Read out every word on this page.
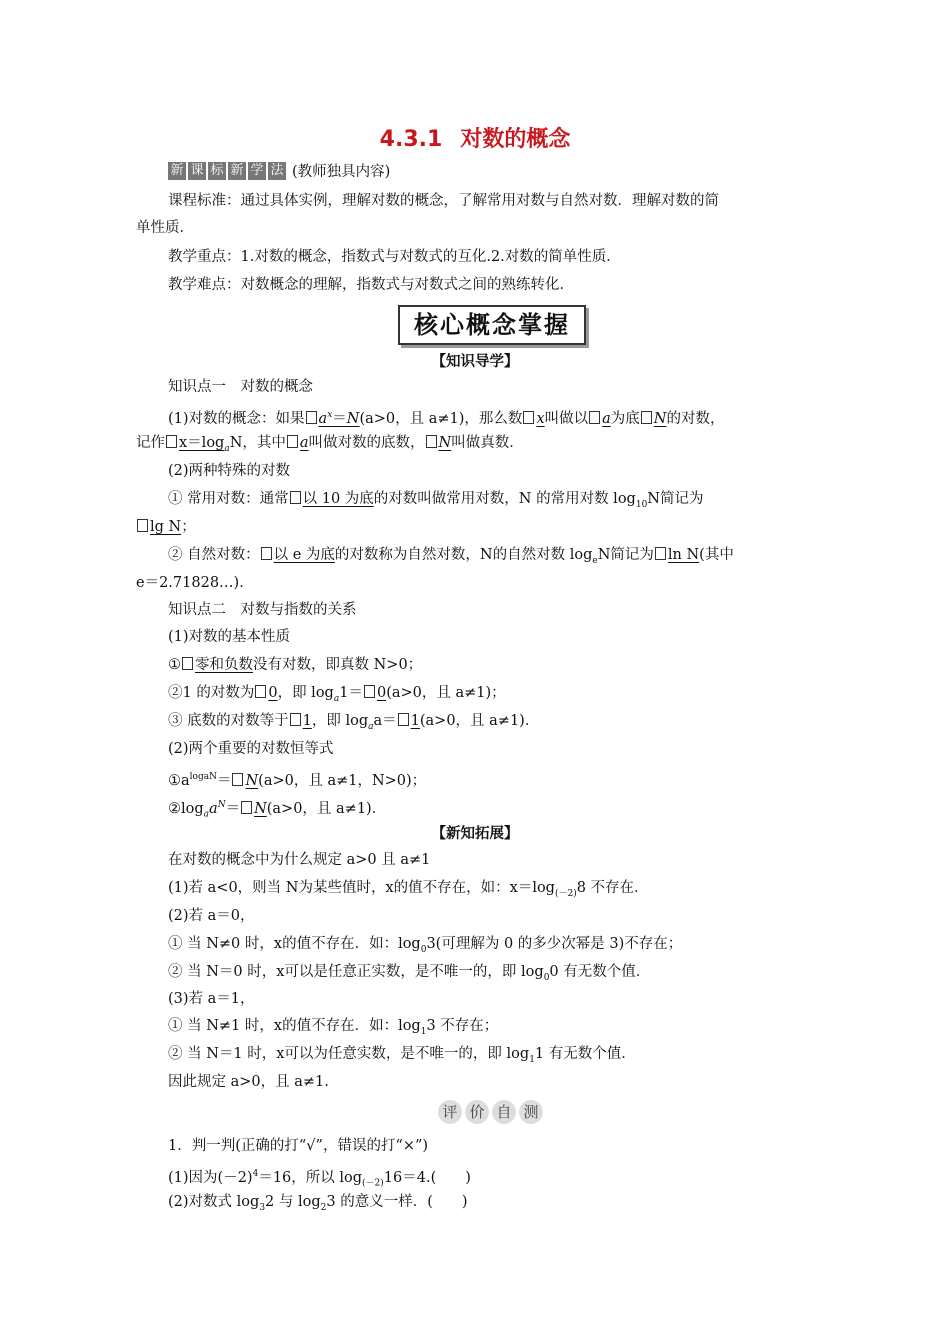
4.3.1 对数的概念
新 课 标 新 学 法 (教师独具内容)
课程标准：通过具体实例，理解对数的概念，了解常用对数与自然对数．理解对数的简
单性质．
教学重点：1.对数的概念，指数式与对数式的互化.2.对数的简单性质．
教学难点：对数概念的理解，指数式与对数式之间的熟练转化．
核心概念掌握
【知识导学】
知识点一　对数的概念
(1)对数的概念：如果 $a^x=N(a>0$，且 a≠1)，那么数 x叫做以 a为底 N的对数，
记作 $x=\log_aN$，其中 a叫做对数的底数， N叫做真数．
(2)两种特殊的对数
① 常用对数：通常 以 10 为底的对数叫做常用对数，N 的常用对数 $\log_{10}N$简记为
lg N；
② 自然对数： 以 e 为底的对数称为自然对数，N的自然对数 $\log_eN$简记为 ln N(其中
e＝2.71828…)．
知识点二　对数与指数的关系
(1)对数的基本性质
① 零和负数没有对数，即真数 N>0；
②1 的对数为 0，即 $\log_a1= 0(a>0$，且 a≠1)；
③ 底数的对数等于 1，即 $\log_aa= 1(a>0$，且 a≠1)．
(2)两个重要的对数恒等式
$①a^{logaN}= N(a>0$，且 a≠1，N>0)；
$②\log_aa^N= N(a>0$，且 a≠1)．
【新知拓展】
在对数的概念中为什么规定 a>0 且 a≠1
(1)若 a<0，则当 N为某些值时，x的值不存在，如：$x=\log_{(-2)}8$ 不存在．
(2)若 a＝0，
① 当 N≠0 时，x的值不存在．如：$\log_03$(可理解为 0 的多少次幂是 3)不存在；
② 当 N＝0 时，x可以是任意正实数，是不唯一的，即 $\log_00$ 有无数个值．
(3)若 a＝1，
① 当 N≠1 时，x的值不存在．如：$\log_13$ 不存在；
② 当 N＝1 时，x可以为任意实数，是不唯一的，即 $\log_11$ 有无数个值．
因此规定 a>0，且 a≠1.
评 价 自 测
1．判一判(正确的打“√”，错误的打“×”)
(1)因为$(-2)^4=16$，所以 $\log_{(-2)}16=4$.(　　)
(2)对数式 $\log_32$ 与 $\log_23$ 的意义一样．(　　)
